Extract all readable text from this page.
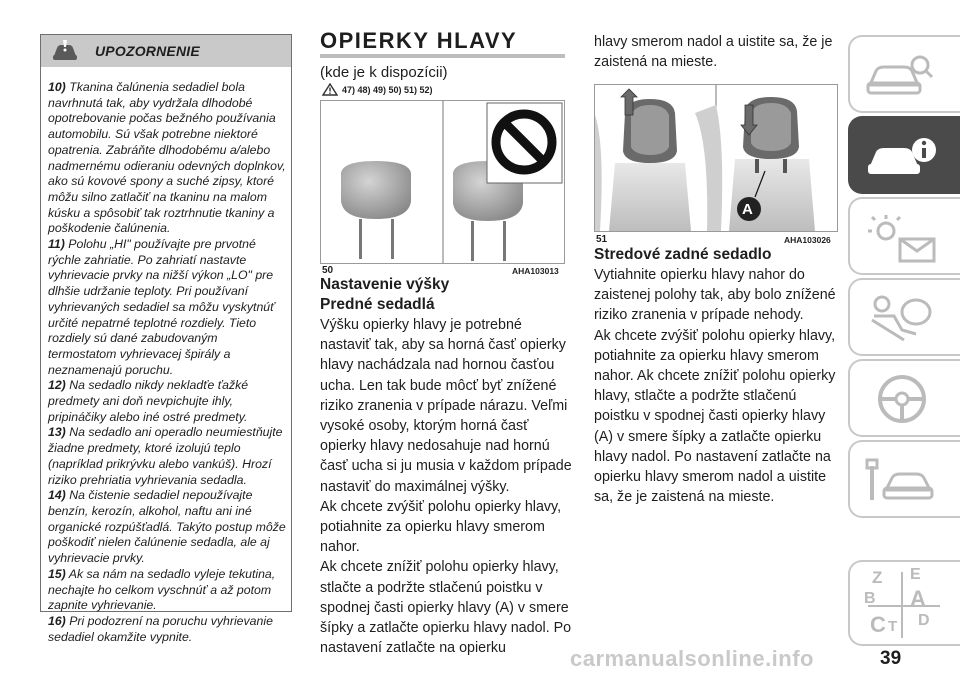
UPOZORNENIE

10) Tkanina čalúnenia sedadiel bola navrhnutá tak, aby vydržala dlhodobé opotrebovanie počas bežného používania automobilu. Sú však potrebne niektoré opatrenia. Zabráňte dlhodobému a/alebo nadmernému odieraniu odevných doplnkov, ako sú kovové spony a suché zipsy, ktoré môžu silno zatlačiť na tkaninu na malom kúsku a spôsobiť tak roztrhnutie tkaniny a poškodenie čalúnenia.

11) Polohu „HI" používajte pre prvotné rýchle zahriatie. Po zahriatí nastavte vyhrievacie prvky na nižší výkon „LO" pre dlhšie udržanie teploty. Pri používaní vyhrievaných sedadiel sa môžu vyskytnúť určité nepatrné teplotné rozdiely. Tieto rozdiely sú dané zabudovaným termostatom vyhrievacej špirály a neznamenajú poruchu.

12) Na sedadlo nikdy nekladťe ťažké predmety ani doň nevpichujte ihly, pripináčiky alebo iné ostré predmety.

13) Na sedadlo ani operadlo neumiestňujte žiadne predmety, ktoré izolujú teplo (napríklad prikrývku alebo vankúš). Hrozí riziko prehriatia vyhrievania sedadla.

14) Na čistenie sedadiel nepoužívajte benzín, kerozín, alkohol, naftu ani iné organické rozpúšťadlá. Takýto postup môže poškodiť nielen čalúnenie sedadla, ale aj vyhrievacie prvky.

15) Ak sa nám na sedadlo vyleje tekutina, nechajte ho celkom vyschnúť a až potom zapnite vyhrievanie.

16) Pri podozrení na poruchu vyhrievanie sedadiel okamžite vypnite.

OPIERKY HLAVY
(kde je k dispozícii)
47) 48) 49) 50) 51) 52)
50	AHA103013
Nastavenie výšky
Predné sedadlá

Výšku opierky hlavy je potrebné nastaviť tak, aby sa horná časť opierky hlavy nachádzala nad hornou časťou ucha. Len tak bude môcť byť znížené riziko zranenia v prípade nárazu. Veľmi vysoké osoby, ktorým horná časť opierky hlavy nedosahuje nad hornú časť ucha si ju musia v každom prípade nastaviť do maximálnej výšky.

Ak chcete zvýšiť polohu opierky hlavy, potiahnite za opierku hlavy smerom nahor.

Ak chcete znížiť polohu opierky hlavy, stlačte a podržte stlačenú poistku v spodnej časti opierky hlavy (A) v smere šípky a zatlačte opierku hlavy nadol. Po nastavení zatlačte na opierku

hlavy smerom nadol a uistite sa, že je zaistená na mieste.
A
51	AHA103026
Stredové zadné sedadlo

Vytiahnite opierku hlavy nahor do zaistenej polohy tak, aby bolo znížené riziko zranenia v prípade nehody.

Ak chcete zvýšiť polohu opierky hlavy, potiahnite za opierku hlavy smerom nahor. Ak chcete znížiť polohu opierky hlavy, stlačte a podržte stlačenú poistku v spodnej časti opierky hlavy (A) v smere šípky a zatlačte opierku hlavy nadol. Po nastavení zatlačte na opierku hlavy smerom nadol a uistite sa, že je zaistená na mieste.

Z E
B A
C T D
carmanualsonline.info	39
